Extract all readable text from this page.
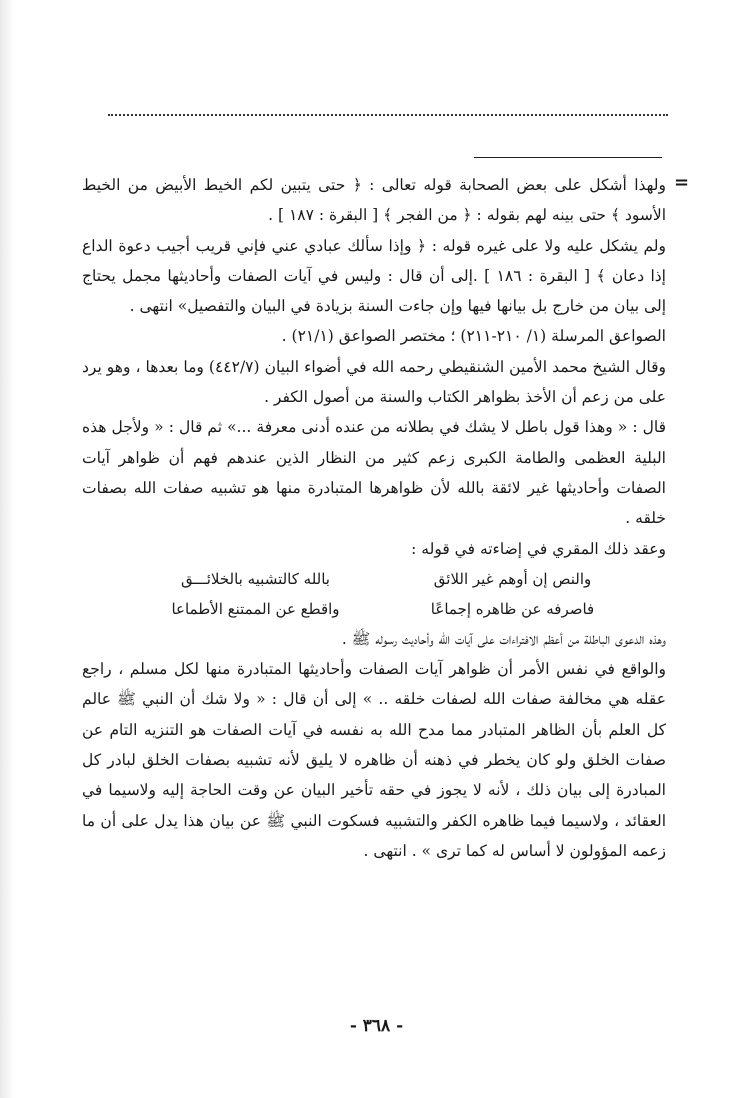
=

ولهذا أشكل على بعض الصحابة قوله تعالى : ﴿ حتى يتبين لكم الخيط الأبيض من الخيط الأسود ﴾ حتى بينه لهم بقوله : ﴿ من الفجر ﴾ [ البقرة : ١٨٧ ] .

ولم يشكل عليه ولا على غيره قوله : ﴿ وإذا سألك عبادي عني فإني قريب أجيب دعوة الداع إذا دعان ﴾ [ البقرة : ١٨٦ ] .إلى أن قال : وليس في آيات الصفات وأحاديثها مجمل يحتاج إلى بيان من خارج بل بيانها فيها وإن جاءت السنة بزيادة في البيان والتفصيل» انتهى .

الصواعق المرسلة (١/ ٢١٠-٢١١) ؛ مختصر الصواعق (٢١/١) .

وقال الشيخ محمد الأمين الشنقيطي رحمه الله في أضواء البيان (٤٤٢/٧) وما بعدها ، وهو يرد على من زعم أن الأخذ بظواهر الكتاب والسنة من أصول الكفر .

قال : « وهذا قول باطل لا يشك في بطلانه من عنده أدنى معرفة ...» ثم قال : « ولأجل هذه البلية العظمى والطامة الكبرى زعم كثير من النظار الذين عندهم فهم أن ظواهر آيات الصفات وأحاديثها غير لائقة بالله لأن ظواهرها المتبادرة منها هو تشبيه صفات الله بصفات خلقه .

وعقد ذلك المقري في إضاءته في قوله :

والنص إن أوهم غير اللائق
بالله كالتشبيه بالخلائـــق
فاصرفه عن ظاهره إجماعًا
واقطع عن الممتنع الأطماعا

وهذه الدعوى الباطلة من أعظم الافتراءات على آيات الله وأحاديث رسوله ﷺ .

والواقع في نفس الأمر أن ظواهر آيات الصفات وأحاديثها المتبادرة منها لكل مسلم ، راجع عقله هي مخالفة صفات الله لصفات خلقه .. » إلى أن قال : « ولا شك أن النبي ﷺ عالم كل العلم بأن الظاهر المتبادر مما مدح الله به نفسه في آيات الصفات هو التنزيه التام عن صفات الخلق ولو كان يخطر في ذهنه أن ظاهره لا يليق لأنه تشبيه بصفات الخلق لبادر كل المبادرة إلى بيان ذلك ، لأنه لا يجوز في حقه تأخير البيان عن وقت الحاجة إليه ولاسيما في العقائد ، ولاسيما فيما ظاهره الكفر والتشبيه فسكوت النبي ﷺ عن بيان هذا يدل على أن ما زعمه المؤولون لا أساس له كما ترى » . انتهى .

- ٣٦٨ -
